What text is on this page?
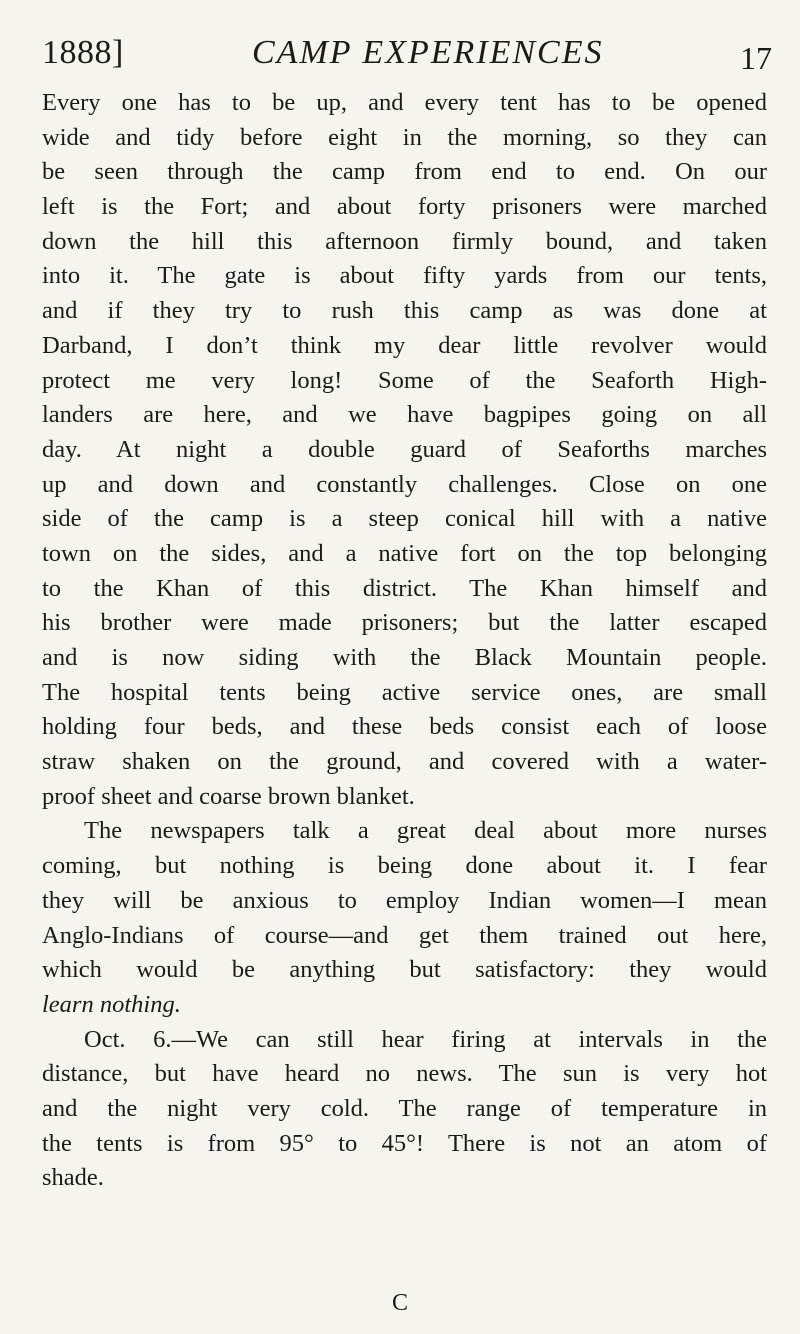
1888]	CAMP EXPERIENCES	17
Every one has to be up, and every tent has to be opened
wide and tidy before eight in the morning, so they can
be seen through the camp from end to end. On our
left is the Fort; and about forty prisoners were marched
down the hill this afternoon firmly bound, and taken
into it. The gate is about fifty yards from our tents,
and if they try to rush this camp as was done at
Darband, I don’t think my dear little revolver would
protect me very long! Some of the Seaforth High-
landers are here, and we have bagpipes going on all
day. At night a double guard of Seaforths marches
up and down and constantly challenges. Close on one
side of the camp is a steep conical hill with a native
town on the sides, and a native fort on the top belonging
to the Khan of this district. The Khan himself and
his brother were made prisoners; but the latter escaped
and is now siding with the Black Mountain people.
The hospital tents being active service ones, are small
holding four beds, and these beds consist each of loose
straw shaken on the ground, and covered with a water-
proof sheet and coarse brown blanket.
The newspapers talk a great deal about more nurses
coming, but nothing is being done about it. I fear
they will be anxious to employ Indian women—I mean
Anglo-Indians of course—and get them trained out here,
which would be anything but satisfactory: they would
learn nothing.
Oct. 6.—We can still hear firing at intervals in the
distance, but have heard no news. The sun is very hot
and the night very cold. The range of temperature in
the tents is from 95° to 45°! There is not an atom of
shade.
C
